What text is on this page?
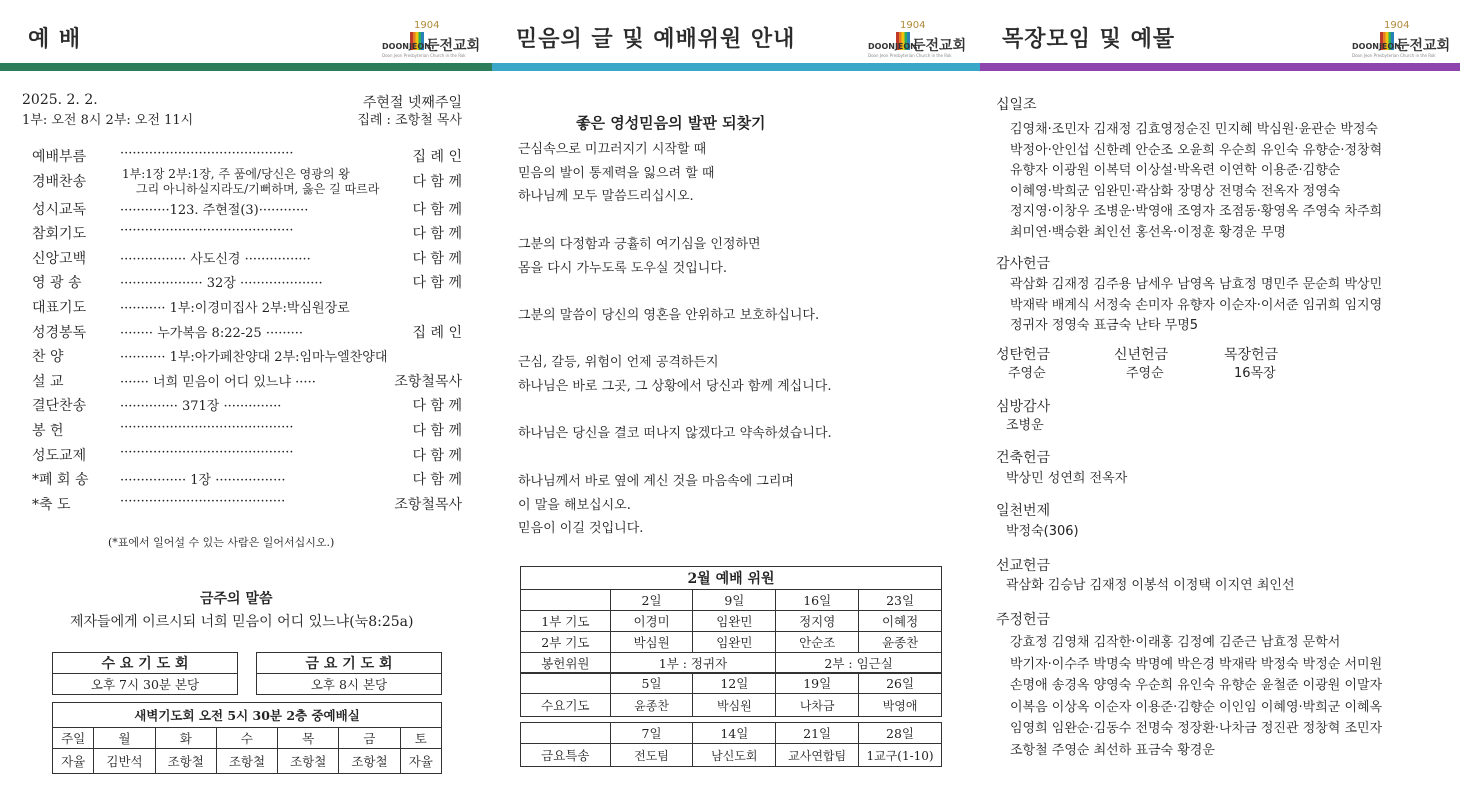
예 배
1904
DOONJEON
둔전교회
Doon Jeon Presbyterian Church in the Rok
2025. 2. 2.
1부: 오전 8시 2부: 오전 11시
주현절 넷째주일
집례 : 조항철 목사
예배부름	··········································	집 례 인
경배찬송	1부:1장 2부:1장, 주 품에/당신은 영광의 왕
그리 아니하실지라도/기뻐하며, 옳은 길 따르라 다 함 께
성시교독	············123. 주현절(3)············	다 함 께
참회기도	··········································	다 함 께
신앙고백	················ 사도신경 ················	다 함 께
영 광 송	···················· 32장 ····················	다 함 께
대표기도	··········· 1부:이경미집사 2부:박심원장로
성경봉독	········ 누가복음 8:22-25 ·········	집 례 인
찬 양	··········· 1부:아가페찬양대 2부:임마누엘찬양대
설 교	······· 너희 믿음이 어디 있느냐 ·····	조항철목사
결단찬송	·············· 371장 ··············	다 함 께
봉 헌	··········································	다 함 께
성도교제	··········································	다 함 께
*폐 회 송 ················ 1장 ·················	다 함 께
*축 도	········································	조항철목사
(*표에서 일어설 수 있는 사람은 일어서십시오.)
금주의 말씀
제자들에게 이르시되 너희 믿음이 어디 있느냐(눅8:25a)
수 요 기 도 회
오후 7시 30분 본당
금 요 기 도 회
오후 8시 본당
새벽기도회 오전 5시 30분 2층 중예배실						
주일	월	화	수	목	금	토
자율	김반석	조항철	조항철	조항철	조항철	자율
믿음의 글 및 예배위원 안내
1904
DOONJEON
둔전교회
Doon Jeon Presbyterian Church in the Rok
좋은 영성믿음의 발판 되찾기
근심속으로 미끄러지기 시작할 때
믿음의 발이 통제력을 잃으려 할 때
하나님께 모두 말씀드리십시오.
그분의 다정함과 긍휼히 여기심을 인정하면
몸을 다시 가누도록 도우실 것입니다.
그분의 말씀이 당신의 영혼을 안위하고 보호하십니다.
근심, 갈등, 위험이 언제 공격하든지
하나님은 바로 그곳, 그 상황에서 당신과 함께 계십니다.
하나님은 당신을 결코 떠나지 않겠다고 약속하셨습니다.
하나님께서 바로 옆에 계신 것을 마음속에 그리며
이 말을 해보십시오.
믿음이 이길 것입니다.
2월 예배 위원				
	2일	9일	16일	23일
1부 기도	이경미	임완민	정지영	이혜정
2부 기도	박심원	임완민	안순조	윤종찬
봉헌위원	1부 : 정귀자		2부 : 임근실	
	5일	12일	19일	26일
수요기도	윤종찬	박심원	나차금	박영애
	7일	14일	21일	28일
금요특송	전도팀	남신도회	교사연합팀	1교구(1-10)
목장모임 및 예물
1904
DOONJEON
둔전교회
Doon Jeon Presbyterian Church in the Rok
십일조
김영채·조민자 김재정 김효영정순진 민지혜 박심원·윤관순 박정숙
박정아·안인섭 신한례 안순조 오윤희 우순희 유인숙 유향순·정창혁
유향자 이광원 이복덕 이상설·박옥련 이연학 이용준·김향순
이혜영·박희군 임완민·곽삼화 장명상 전명숙 전옥자 정영숙
정지영·이창우 조병운·박영애 조영자 조점동·황영옥 주영숙 차주희
최미연·백승환 최인선 홍선옥·이정훈 황경운 무명
감사헌금
곽삼화 김재정 김주용 남세우 남영옥 남효정 명민주 문순희 박상민
박재락 배계식 서정숙 손미자 유향자 이순자·이서준 임귀희 임지영
정귀자 정영숙 표금숙 난타 무명5
성탄헌금
주영순
신년헌금
주영순
목장헌금
16목장
심방감사
조병운
건축헌금
박상민 성연희 전옥자
일천번제
박정숙(306)
선교헌금
곽삼화 김승남 김재정 이봉석 이정택 이지연 최인선
주정헌금
강효정 김영채 김작한·이래홍 김정예 김준근 남효정 문학서
박기자·이수주 박명숙 박명예 박은경 박재락 박정숙 박정순 서미원
손명애 송경옥 양영숙 우순희 유인숙 유향순 윤철준 이광원 이말자
이복음 이상옥 이순자 이용준·김향순 이인임 이혜영·박희군 이혜옥
임영희 임완순·김동수 전명숙 정장환·나차금 정진관 정창혁 조민자
조항철 주영순 최선하 표금숙 황경운
